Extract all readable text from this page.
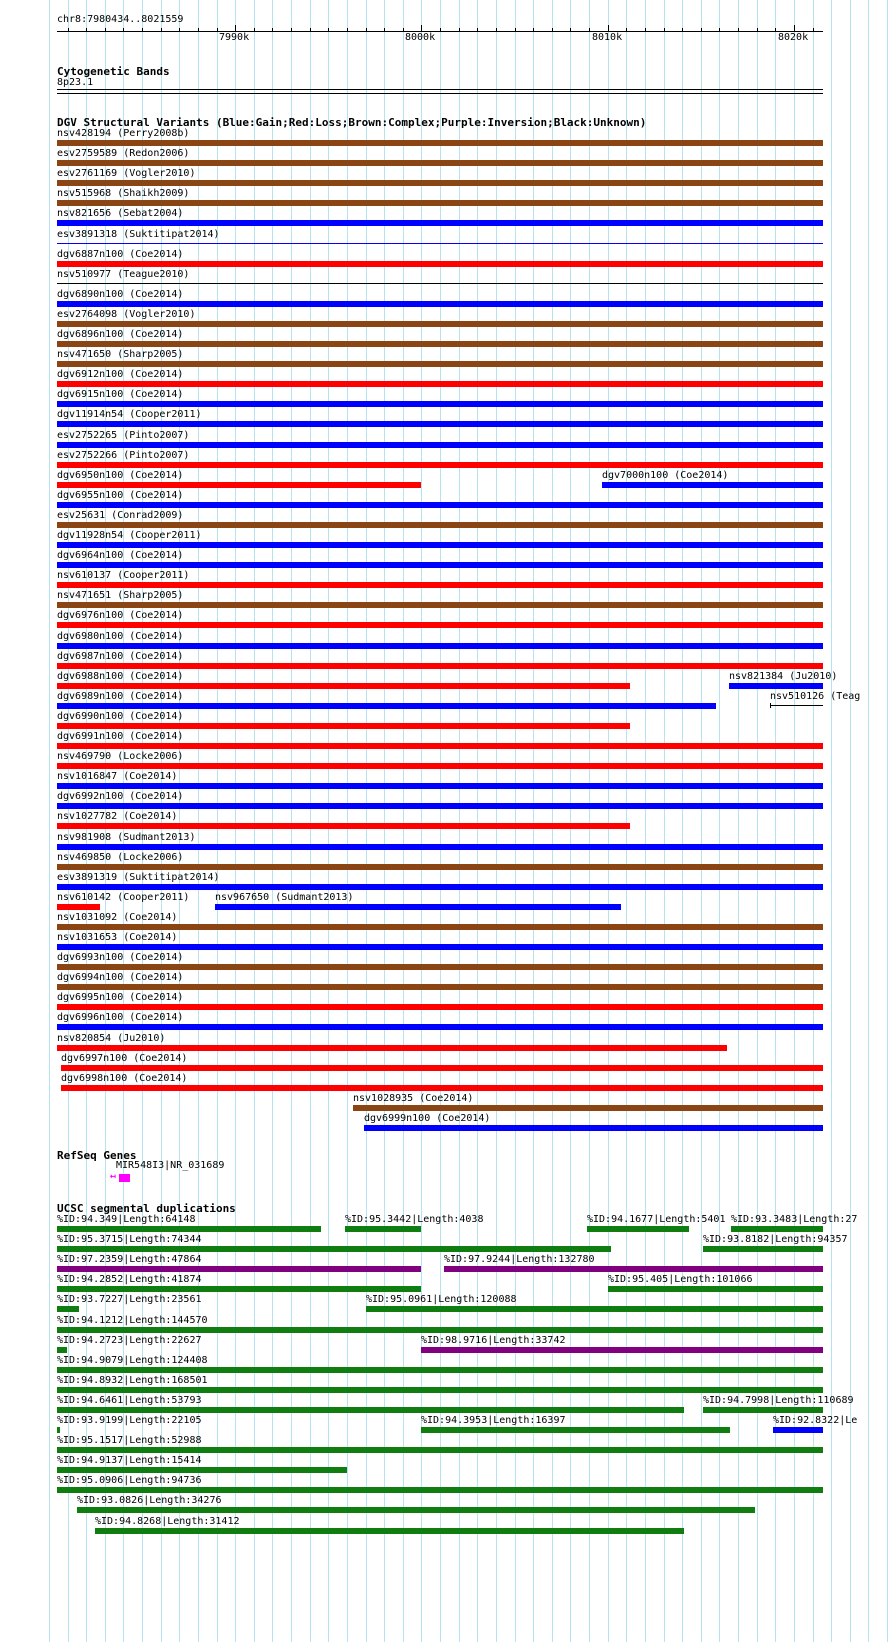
chr8:7980434..8021559
7990k	8000k	8010k	8020k
Cytogenetic Bands
8p23.1
DGV Structural Variants (Blue:Gain;Red:Loss;Brown:Complex;Purple:Inversion;Black:Unknown)
nsv428194 (Perry2008b)
esv2759589 (Redon2006)
esv2761169 (Vogler2010)
nsv515968 (Shaikh2009)
nsv821656 (Sebat2004)
esv3891318 (Suktitipat2014)
dgv6887n100 (Coe2014)
nsv510977 (Teague2010)
dgv6890n100 (Coe2014)
esv2764098 (Vogler2010)
dgv6896n100 (Coe2014)
nsv471650 (Sharp2005)
dgv6912n100 (Coe2014)
dgv6915n100 (Coe2014)
dgv11914n54 (Cooper2011)
esv2752265 (Pinto2007)
esv2752266 (Pinto2007)
dgv6950n100 (Coe2014)	dgv7000n100 (Coe2014)
dgv6955n100 (Coe2014)
esv25631 (Conrad2009)
dgv11928n54 (Cooper2011)
dgv6964n100 (Coe2014)
nsv610137 (Cooper2011)
nsv471651 (Sharp2005)
dgv6976n100 (Coe2014)
dgv6980n100 (Coe2014)
dgv6987n100 (Coe2014)
dgv6988n100 (Coe2014)	nsv821384 (Ju2010)
dgv6989n100 (Coe2014)	nsv510126 (Teag
dgv6990n100 (Coe2014)
dgv6991n100 (Coe2014)
nsv469790 (Locke2006)
nsv1016847 (Coe2014)
dgv6992n100 (Coe2014)
nsv1027782 (Coe2014)
nsv981908 (Sudmant2013)
nsv469850 (Locke2006)
esv3891319 (Suktitipat2014)
nsv610142 (Cooper2011)	nsv967650 (Sudmant2013)
nsv1031092 (Coe2014)
nsv1031653 (Coe2014)
dgv6993n100 (Coe2014)
dgv6994n100 (Coe2014)
dgv6995n100 (Coe2014)
dgv6996n100 (Coe2014)
nsv820854 (Ju2010)
dgv6997n100 (Coe2014)
dgv6998n100 (Coe2014)
nsv1028935 (Coe2014)
dgv6999n100 (Coe2014)
RefSeq Genes
MIR548I3|NR_031689
↤
UCSC segmental duplications
%ID:94.349|Length:64148	%ID:95.3442|Length:4038	%ID:94.1677|Length:5401 %ID:93.3483|Length:27
%ID:95.3715|Length:74344	%ID:93.8182|Length:94357
%ID:97.2359|Length:47864	%ID:97.9244|Length:132780
%ID:94.2852|Length:41874	%ID:95.405|Length:101066
%ID:93.7227|Length:23561	%ID:95.0961|Length:120088
%ID:94.1212|Length:144570
%ID:94.2723|Length:22627	%ID:98.9716|Length:33742
%ID:94.9079|Length:124408
%ID:94.8932|Length:168501
%ID:94.6461|Length:53793	%ID:94.7998|Length:110689
%ID:93.9199|Length:22105	%ID:94.3953|Length:16397	%ID:92.8322|Le
%ID:95.1517|Length:52988
%ID:94.9137|Length:15414
%ID:95.0906|Length:94736
%ID:93.0826|Length:34276
%ID:94.8268|Length:31412
